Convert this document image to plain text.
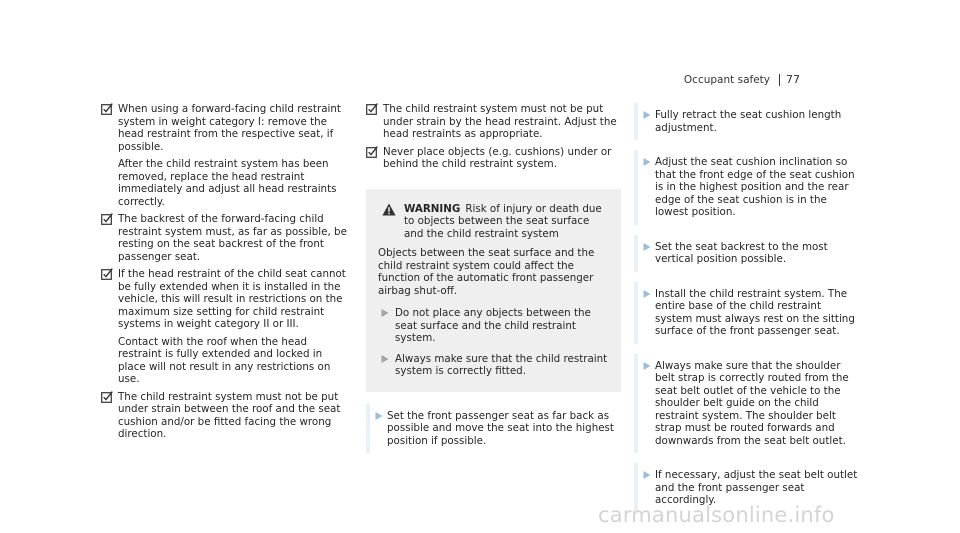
Occupant safety	77

When using a forward-facing child restraint system in weight category I: remove the head restraint from the respective seat, if possible.

After the child restraint system has been removed, replace the head restraint immediately and adjust all head restraints correctly.

The backrest of the forward-facing child restraint system must, as far as possible, be resting on the seat backrest of the front passenger seat.

If the head restraint of the child seat cannot be fully extended when it is installed in the vehicle, this will result in restrictions on the maximum size setting for child restraint systems in weight category II or III.

Contact with the roof when the head restraint is fully extended and locked in place will not result in any restrictions on use.

The child restraint system must not be put under strain between the roof and the seat cushion and/or be fitted facing the wrong direction.

The child restraint system must not be put under strain by the head restraint. Adjust the head restraints as appropriate.

Never place objects (e.g. cushions) under or behind the child restraint system.

WARNING Risk of injury or death due to objects between the seat surface and the child restraint system

Objects between the seat surface and the child restraint system could affect the function of the automatic front passenger airbag shut-off.

Do not place any objects between the seat surface and the child restraint system.
Always make sure that the child restraint system is correctly fitted.
Set the front passenger seat as far back as possible and move the seat into the highest position if possible.
Fully retract the seat cushion length adjustment.
Adjust the seat cushion inclination so that the front edge of the seat cushion is in the highest position and the rear edge of the seat cushion is in the lowest position.
Set the seat backrest to the most vertical position possible.
Install the child restraint system. The entire base of the child restraint system must always rest on the sitting surface of the front passenger seat.
Always make sure that the shoulder belt strap is correctly routed from the seat belt outlet of the vehicle to the shoulder belt guide on the child restraint system. The shoulder belt strap must be routed forwards and downwards from the seat belt outlet.
If necessary, adjust the seat belt outlet and the front passenger seat accordingly.
carmanualsonline.info
